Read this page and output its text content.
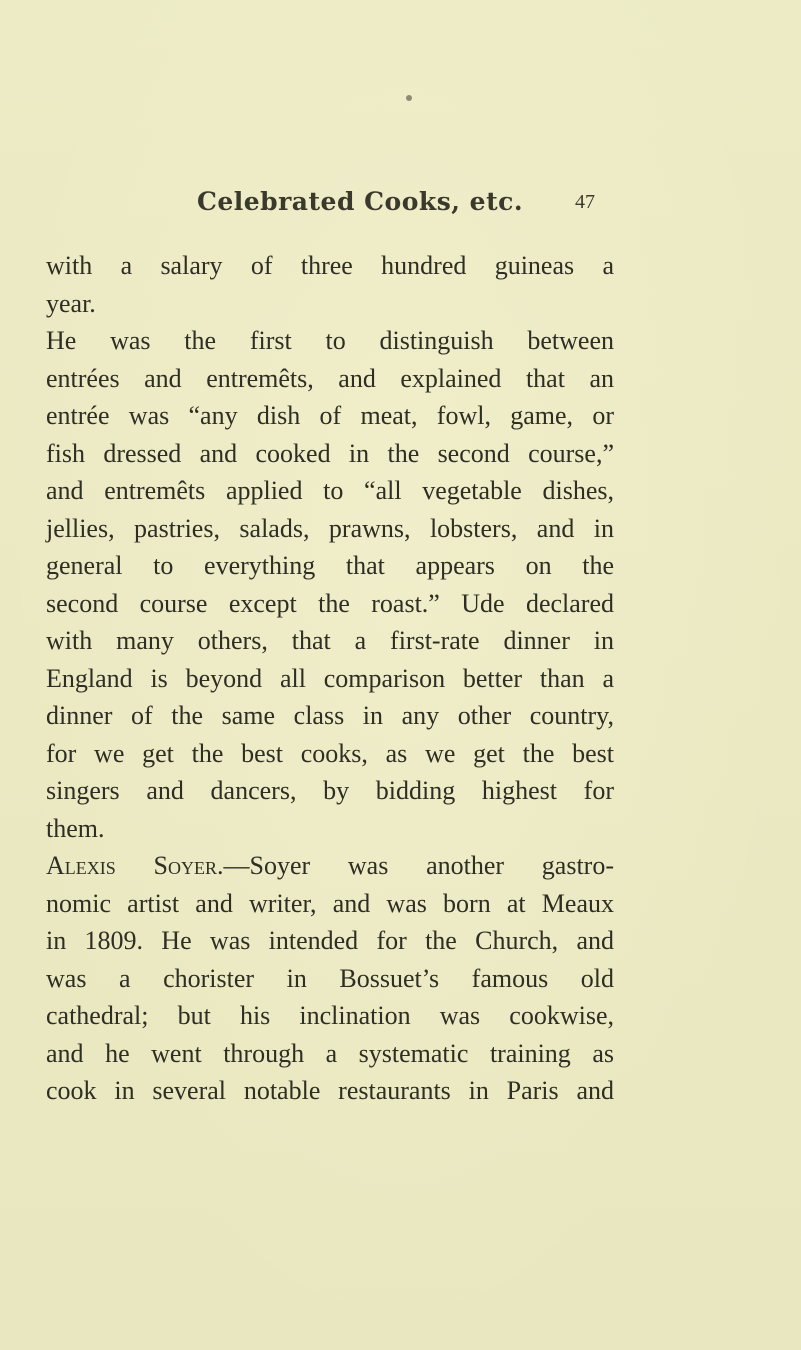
Celebrated Cooks, etc.	47
with a salary of three hundred guineas a
year.
He was the first to distinguish between
entrées and entremêts, and explained that an
entrée was “any dish of meat, fowl, game, or
fish dressed and cooked in the second course,”
and entremêts applied to “all vegetable dishes,
jellies, pastries, salads, prawns, lobsters, and in
general to everything that appears on the
second course except the roast.” Ude declared
with many others, that a first-rate dinner in
England is beyond all comparison better than a
dinner of the same class in any other country,
for we get the best cooks, as we get the best
singers and dancers, by bidding highest for
them.
Alexis Soyer.—Soyer was another gastro-
nomic artist and writer, and was born at Meaux
in 1809. He was intended for the Church, and
was a chorister in Bossuet’s famous old
cathedral; but his inclination was cookwise,
and he went through a systematic training as
cook in several notable restaurants in Paris and
